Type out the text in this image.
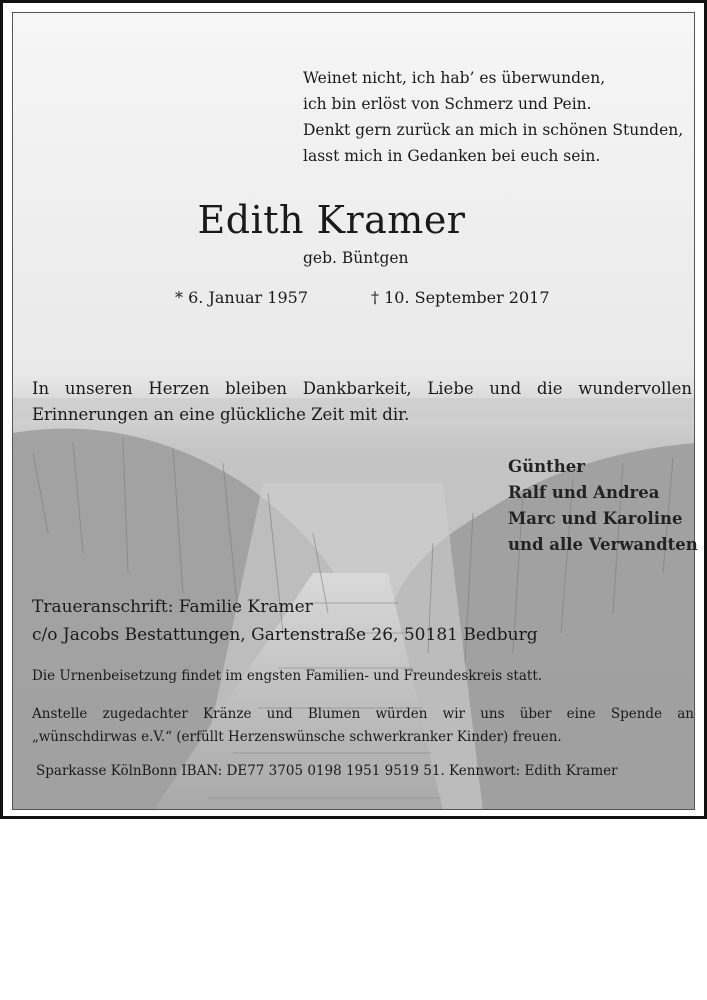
Weinet nicht, ich hab’ es überwunden,
ich bin erlöst von Schmerz und Pein.
Denkt gern zurück an mich in schönen Stunden,
lasst mich in Gedanken bei euch sein.
Edith Kramer
geb. Büntgen
* 6. Januar 1957	† 10. September 2017
In unseren Herzen bleiben Dankbarkeit, Liebe und die wundervollen
Erinnerungen an eine glückliche Zeit mit dir.
Günther
Ralf und Andrea
Marc und Karoline
und alle Verwandten
Traueranschrift: Familie Kramer
c/o Jacobs Bestattungen, Gartenstraße 26, 50181 Bedburg
Die Urnenbeisetzung findet im engsten Familien- und Freundeskreis statt.
Anstelle zugedachter Kränze und Blumen würden wir uns über eine Spende an
„wünschdirwas e.V.“ (erfüllt Herzenswünsche schwerkranker Kinder) freuen.
Sparkasse KölnBonn IBAN: DE77 3705 0198 1951 9519 51. Kennwort: Edith Kramer
